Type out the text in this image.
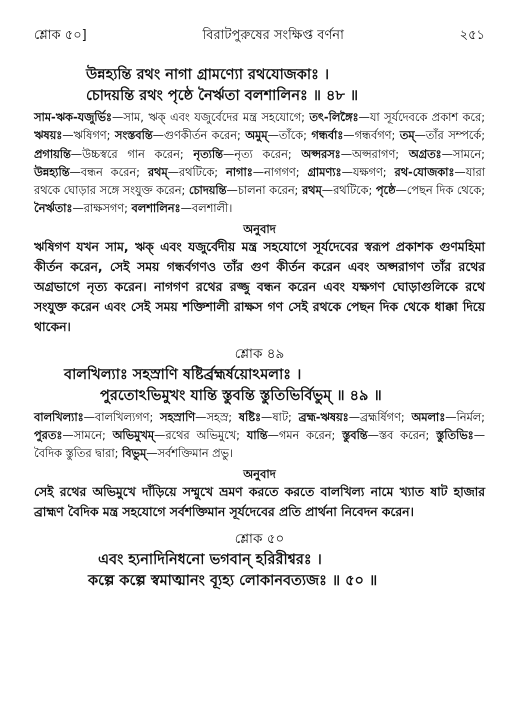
শ্লোক ৫০]	বিরাটপুরুষের সংক্ষিপ্ত বর্ণনা	২৫১
উন্নহ্যন্তি রথং নাগা গ্রামণ্যো রথযোজকাঃ ।
চোদয়ন্তি রথং পৃষ্ঠে নৈর্ঋতা বলশালিনঃ ॥ ৪৮ ॥
সাম-ঋক-যজুর্ভিঃ—সাম, ঋক্‌ এবং যজুর্বেদের মন্ত্র সহযোগে; তৎ-লিঙ্গৈঃ—যা সূর্যদেবকে প্রকাশ করে; ঋষয়ঃ—ঋষিগণ; সংস্তবন্তি—গুণকীর্তন করেন; অমুম্‌—তাঁকে; গন্ধর্বাঃ—গন্ধর্বগণ; তম্‌—তাঁর সম্পর্কে; প্রগায়ন্তি—উচ্চস্বরে গান করেন; নৃত্যন্তি—নৃত্য করেন; অপ্সরসঃ—অপ্সরাগণ; অগ্রতঃ—সামনে; উন্নহ্যন্তি—বন্ধন করেন; রথম্‌—রথটিকে; নাগাঃ—নাগগণ; গ্রামণ্যঃ—যক্ষগণ; রথ-যোজকাঃ—যারা রথকে ঘোড়ার সঙ্গে সংযুক্ত করেন; চোদয়ন্তি—চালনা করেন; রথম্‌—রথটিকে; পৃষ্ঠে—পেছন দিক থেকে; নৈর্ঋতাঃ—রাক্ষসগণ; বলশালিনঃ—বলশালী।
অনুবাদ
ঋষিগণ যখন সাম, ঋক্‌ এবং যজুর্বেদীয় মন্ত্র সহযোগে সূর্যদেবের স্বরূপ প্রকাশক গুণমহিমা কীর্তন করেন, সেই সময় গন্ধর্বগণও তাঁর গুণ কীর্তন করেন এবং অপ্সরাগণ তাঁর রথের অগ্রভাগে নৃত্য করেন। নাগগণ রথের রজ্জু বন্ধন করেন এবং যক্ষগণ ঘোড়াগুলিকে রথে সংযুক্ত করেন এবং সেই সময় শক্তিশালী রাক্ষস গণ সেই রথকে পেছন দিক থেকে ধাক্কা দিয়ে থাকেন।
শ্লোক ৪৯
বালখিল্যাঃ সহস্রাণি ষষ্টির্ব্রহ্মর্ষয়োঽমলাঃ ।
পুরতোঽভিমুখং যান্তি স্তুবন্তি স্তুতিভির্বিভুম্‌ ॥ ৪৯ ॥
বালখিল্যাঃ—বালখিল্যগণ; সহস্রাণি—সহস্র; ষষ্টিঃ—ষাট; ব্রহ্ম-ঋষয়ঃ—ব্রহ্মর্ষিগণ; অমলাঃ—নির্মল; পুরতঃ—সামনে; অভিমুখম্‌—রথের অভিমুখে; যান্তি—গমন করেন; স্তুবন্তি—স্তব করেন; স্তুতিভিঃ—বৈদিক স্তুতির দ্বারা; বিভুম্‌—সর্বশক্তিমান প্রভু।
অনুবাদ
সেই রথের অভিমুখে দাঁড়িয়ে সম্মুখে ভ্রমণ করতে করতে বালখিল্য নামে খ্যাত ষাট হাজার ব্রাহ্মণ বৈদিক মন্ত্র সহযোগে সর্বশক্তিমান সূর্যদেবের প্রতি প্রার্থনা নিবেদন করেন।
শ্লোক ৫০
এবং হ্যনাদিনিধনো ভগবান্‌ হরিরীশ্বরঃ ।
কল্পে কল্পে স্বমাত্মানং ব্যূহ্য লোকানবত্যজঃ ॥ ৫০ ॥
